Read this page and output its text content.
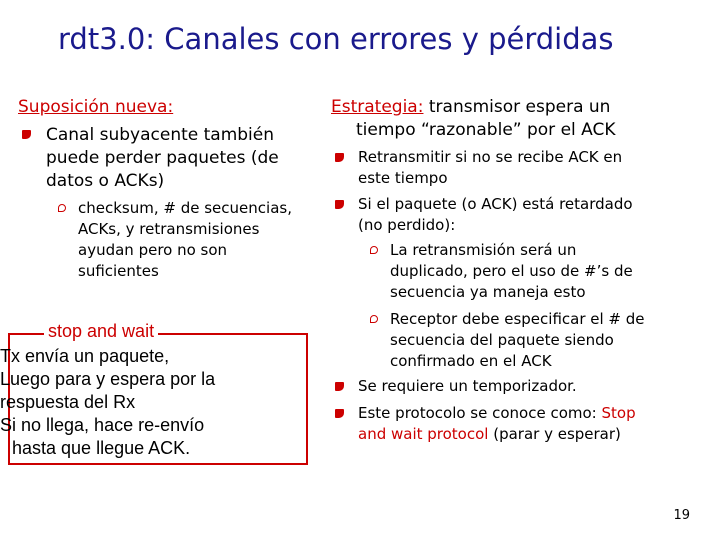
rdt3.0: Canales con errores y pérdidas
Suposición nueva:
Canal subyacente también
puede perder paquetes (de
datos o ACKs)
checksum, # de secuencias,
ACKs, y retransmisiones
ayudan pero no son
suficientes
stop and wait
Tx envía un paquete,
Luego para y espera por la
respuesta del Rx
Si no llega, hace re-envío
hasta que llegue ACK.
Estrategia: transmisor espera un
tiempo “razonable” por el ACK
Retransmitir si no se recibe ACK en
este tiempo
Si el paquete (o ACK) está retardado
(no perdido):
La retransmisión será un
duplicado, pero el uso de #’s de
secuencia ya maneja esto
Receptor debe especificar el # de
secuencia del paquete siendo
confirmado en el ACK
Se requiere un temporizador.
Este protocolo se conoce como: Stop
and wait protocol (parar y esperar)
19
